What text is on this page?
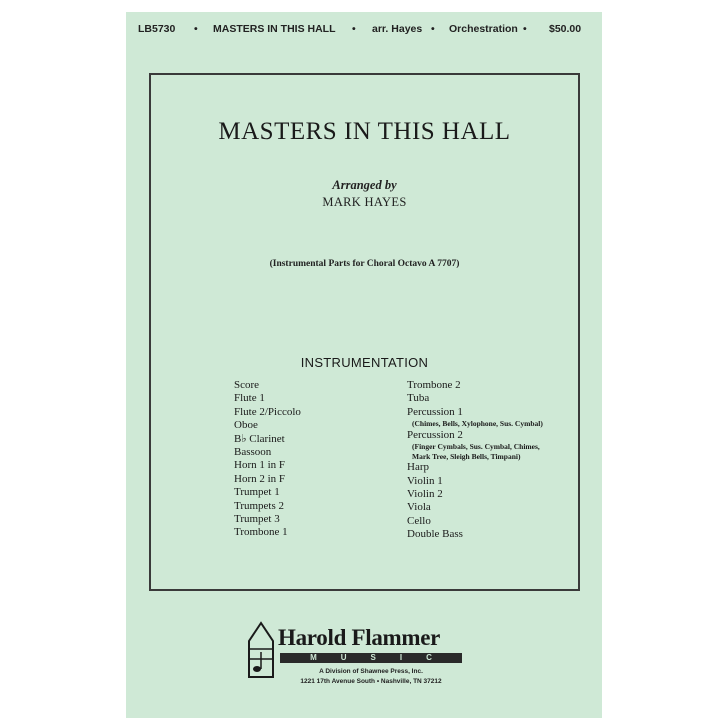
LB5730 • MASTERS IN THIS HALL • arr. Hayes • Orchestration • $50.00
MASTERS IN THIS HALL
Arranged by
MARK HAYES
(Instrumental Parts for Choral Octavo A 7707)
INSTRUMENTATION
Score
Flute 1
Flute 2/Piccolo
Oboe
B♭ Clarinet
Bassoon
Horn 1 in F
Horn 2 in F
Trumpet 1
Trumpets 2
Trumpet 3
Trombone 1
Trombone 2
Tuba
Percussion 1
(Chimes, Bells, Xylophone, Sus. Cymbal)
Percussion 2
(Finger Cymbals, Sus. Cymbal, Chimes,
Mark Tree, Sleigh Bells, Timpani)
Harp
Violin 1
Violin 2
Viola
Cello
Double Bass
Harold Flammer
MUSIC
A Division of Shawnee Press, Inc.
1221 17th Avenue South • Nashville, TN 37212
